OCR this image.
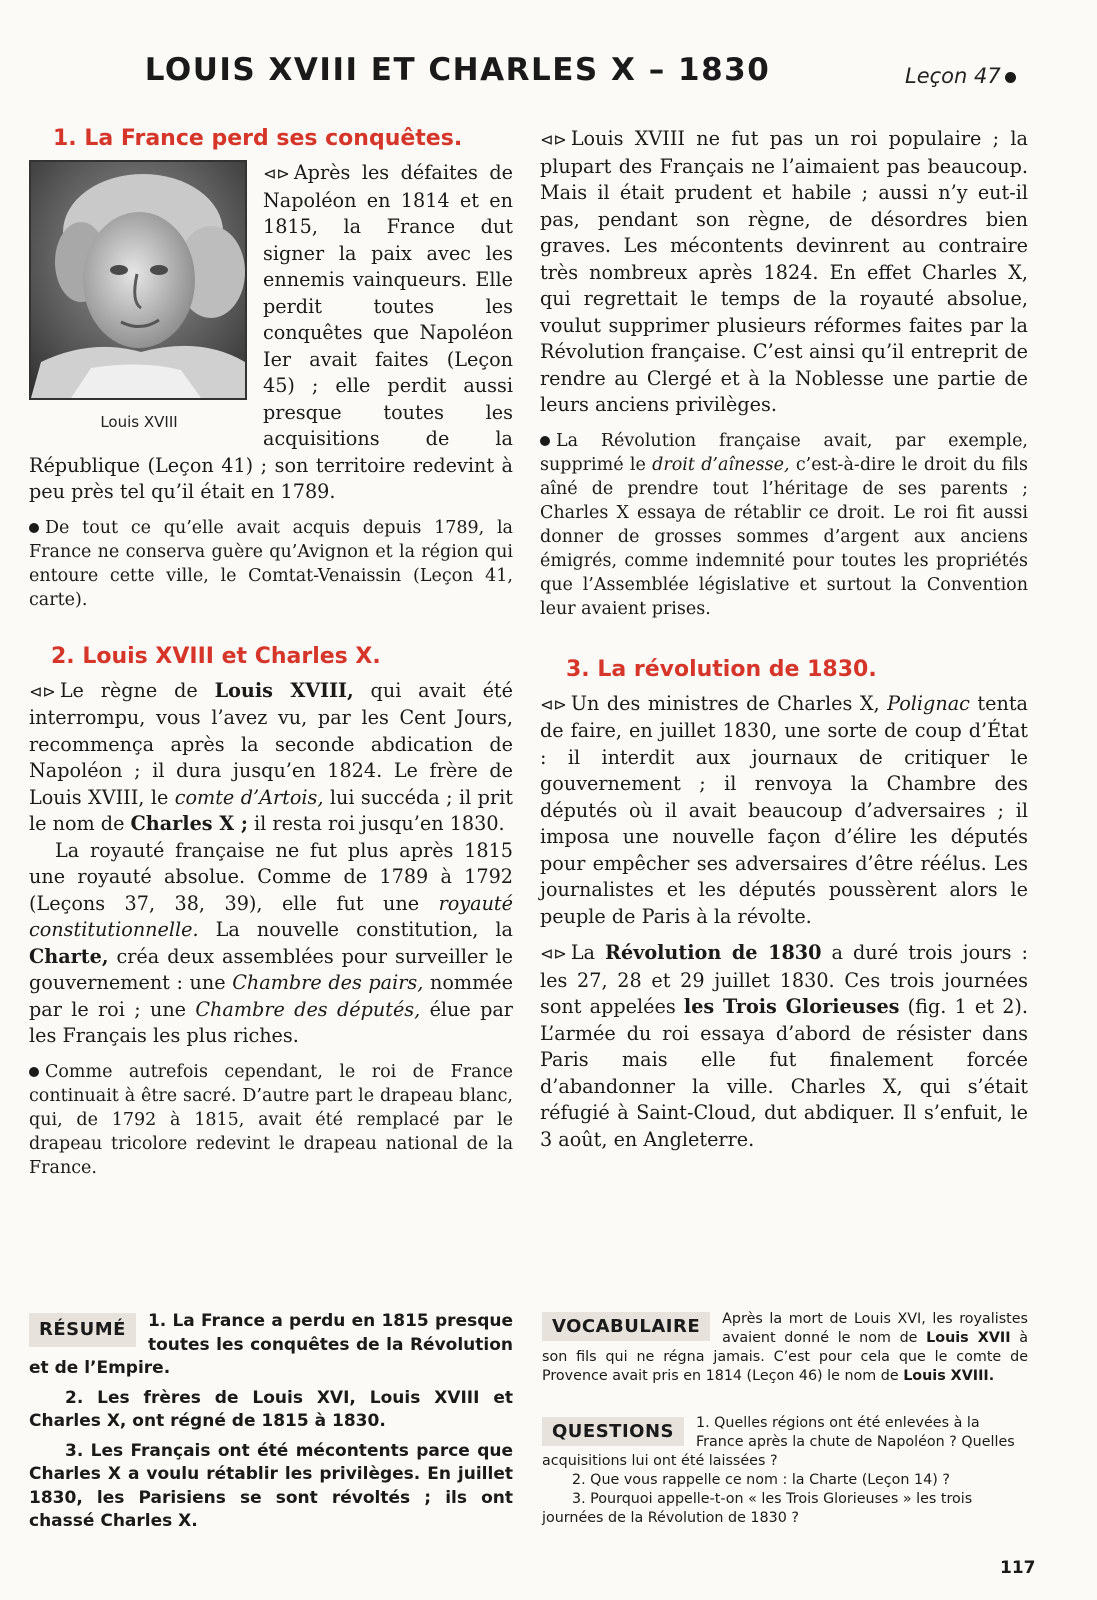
LOUIS XVIII ET CHARLES X – 1830	Leçon 47
1. La France perd ses conquêtes.
Louis XVIII

⊲⊳ Après les défaites de Napoléon en 1814 et en 1815, la France dut signer la paix avec les ennemis vainqueurs. Elle perdit toutes les conquêtes que Napoléon Ier avait faites (Leçon 45) ; elle perdit aussi presque toutes les acquisitions de la République (Leçon 41) ; son territoire redevint à peu près tel qu’il était en 1789.

De tout ce qu’elle avait acquis depuis 1789, la France ne conserva guère qu’Avignon et la région qui entoure cette ville, le Comtat-Venaissin (Leçon 41, carte).

2. Louis XVIII et Charles X.

⊲⊳ Le règne de Louis XVIII, qui avait été interrompu, vous l’avez vu, par les Cent Jours, recommença après la seconde abdication de Napoléon ; il dura jusqu’en 1824. Le frère de Louis XVIII, le comte d’Artois, lui succéda ; il prit le nom de Charles X ; il resta roi jusqu’en 1830.

La royauté française ne fut plus après 1815 une royauté absolue. Comme de 1789 à 1792 (Leçons 37, 38, 39), elle fut une royauté constitutionnelle. La nouvelle constitution, la Charte, créa deux assemblées pour surveiller le gouvernement : une Chambre des pairs, nommée par le roi ; une Chambre des députés, élue par les Français les plus riches.

Comme autrefois cependant, le roi de France continuait à être sacré. D’autre part le drapeau blanc, qui, de 1792 à 1815, avait été remplacé par le drapeau tricolore redevint le drapeau national de la France.

⊲⊳ Louis XVIII ne fut pas un roi populaire ; la plupart des Français ne l’aimaient pas beaucoup. Mais il était prudent et habile ; aussi n’y eut-il pas, pendant son règne, de désordres bien graves. Les mécontents devinrent au contraire très nombreux après 1824. En effet Charles X, qui regrettait le temps de la royauté absolue, voulut supprimer plusieurs réformes faites par la Révolution française. C’est ainsi qu’il entreprit de rendre au Clergé et à la Noblesse une partie de leurs anciens privilèges.

La Révolution française avait, par exemple, supprimé le droit d’aînesse, c’est-à-dire le droit du fils aîné de prendre tout l’héritage de ses parents ; Charles X essaya de rétablir ce droit. Le roi fit aussi donner de grosses sommes d’argent aux anciens émigrés, comme indemnité pour toutes les propriétés que l’Assemblée législative et surtout la Convention leur avaient prises.

3. La révolution de 1830.

⊲⊳ Un des ministres de Charles X, Polignac tenta de faire, en juillet 1830, une sorte de coup d’État : il interdit aux journaux de critiquer le gouvernement ; il renvoya la Chambre des députés où il avait beaucoup d’adversaires ; il imposa une nouvelle façon d’élire les députés pour empêcher ses adversaires d’être réélus. Les journalistes et les députés poussèrent alors le peuple de Paris à la révolte.

⊲⊳ La Révolution de 1830 a duré trois jours : les 27, 28 et 29 juillet 1830. Ces trois journées sont appelées les Trois Glorieuses (fig. 1 et 2). L’armée du roi essaya d’abord de résister dans Paris mais elle fut finalement forcée d’abandonner la ville. Charles X, qui s’était réfugié à Saint-Cloud, dut abdiquer. Il s’enfuit, le 3 août, en Angleterre.

RÉSUMÉ	1. La France a perdu en 1815 presque toutes les conquêtes de la Révolution et de l’Empire.

2. Les frères de Louis XVI, Louis XVIII et Charles X, ont régné de 1815 à 1830.

3. Les Français ont été mécontents parce que Charles X a voulu rétablir les privilèges. En juillet 1830, les Parisiens se sont révoltés ; ils ont chassé Charles X.

VOCABULAIRE	Après la mort de Louis XVI, les royalistes avaient donné le nom de Louis XVII à son fils qui ne régna jamais. C’est pour cela que le comte de Provence avait pris en 1814 (Leçon 46) le nom de Louis XVIII.

QUESTIONS	1. Quelles régions ont été enlevées à la France après la chute de Napoléon ? Quelles acquisitions lui ont été laissées ?

2. Que vous rappelle ce nom : la Charte (Leçon 14) ?

3. Pourquoi appelle-t-on « les Trois Glorieuses » les trois journées de la Révolution de 1830 ?

117
